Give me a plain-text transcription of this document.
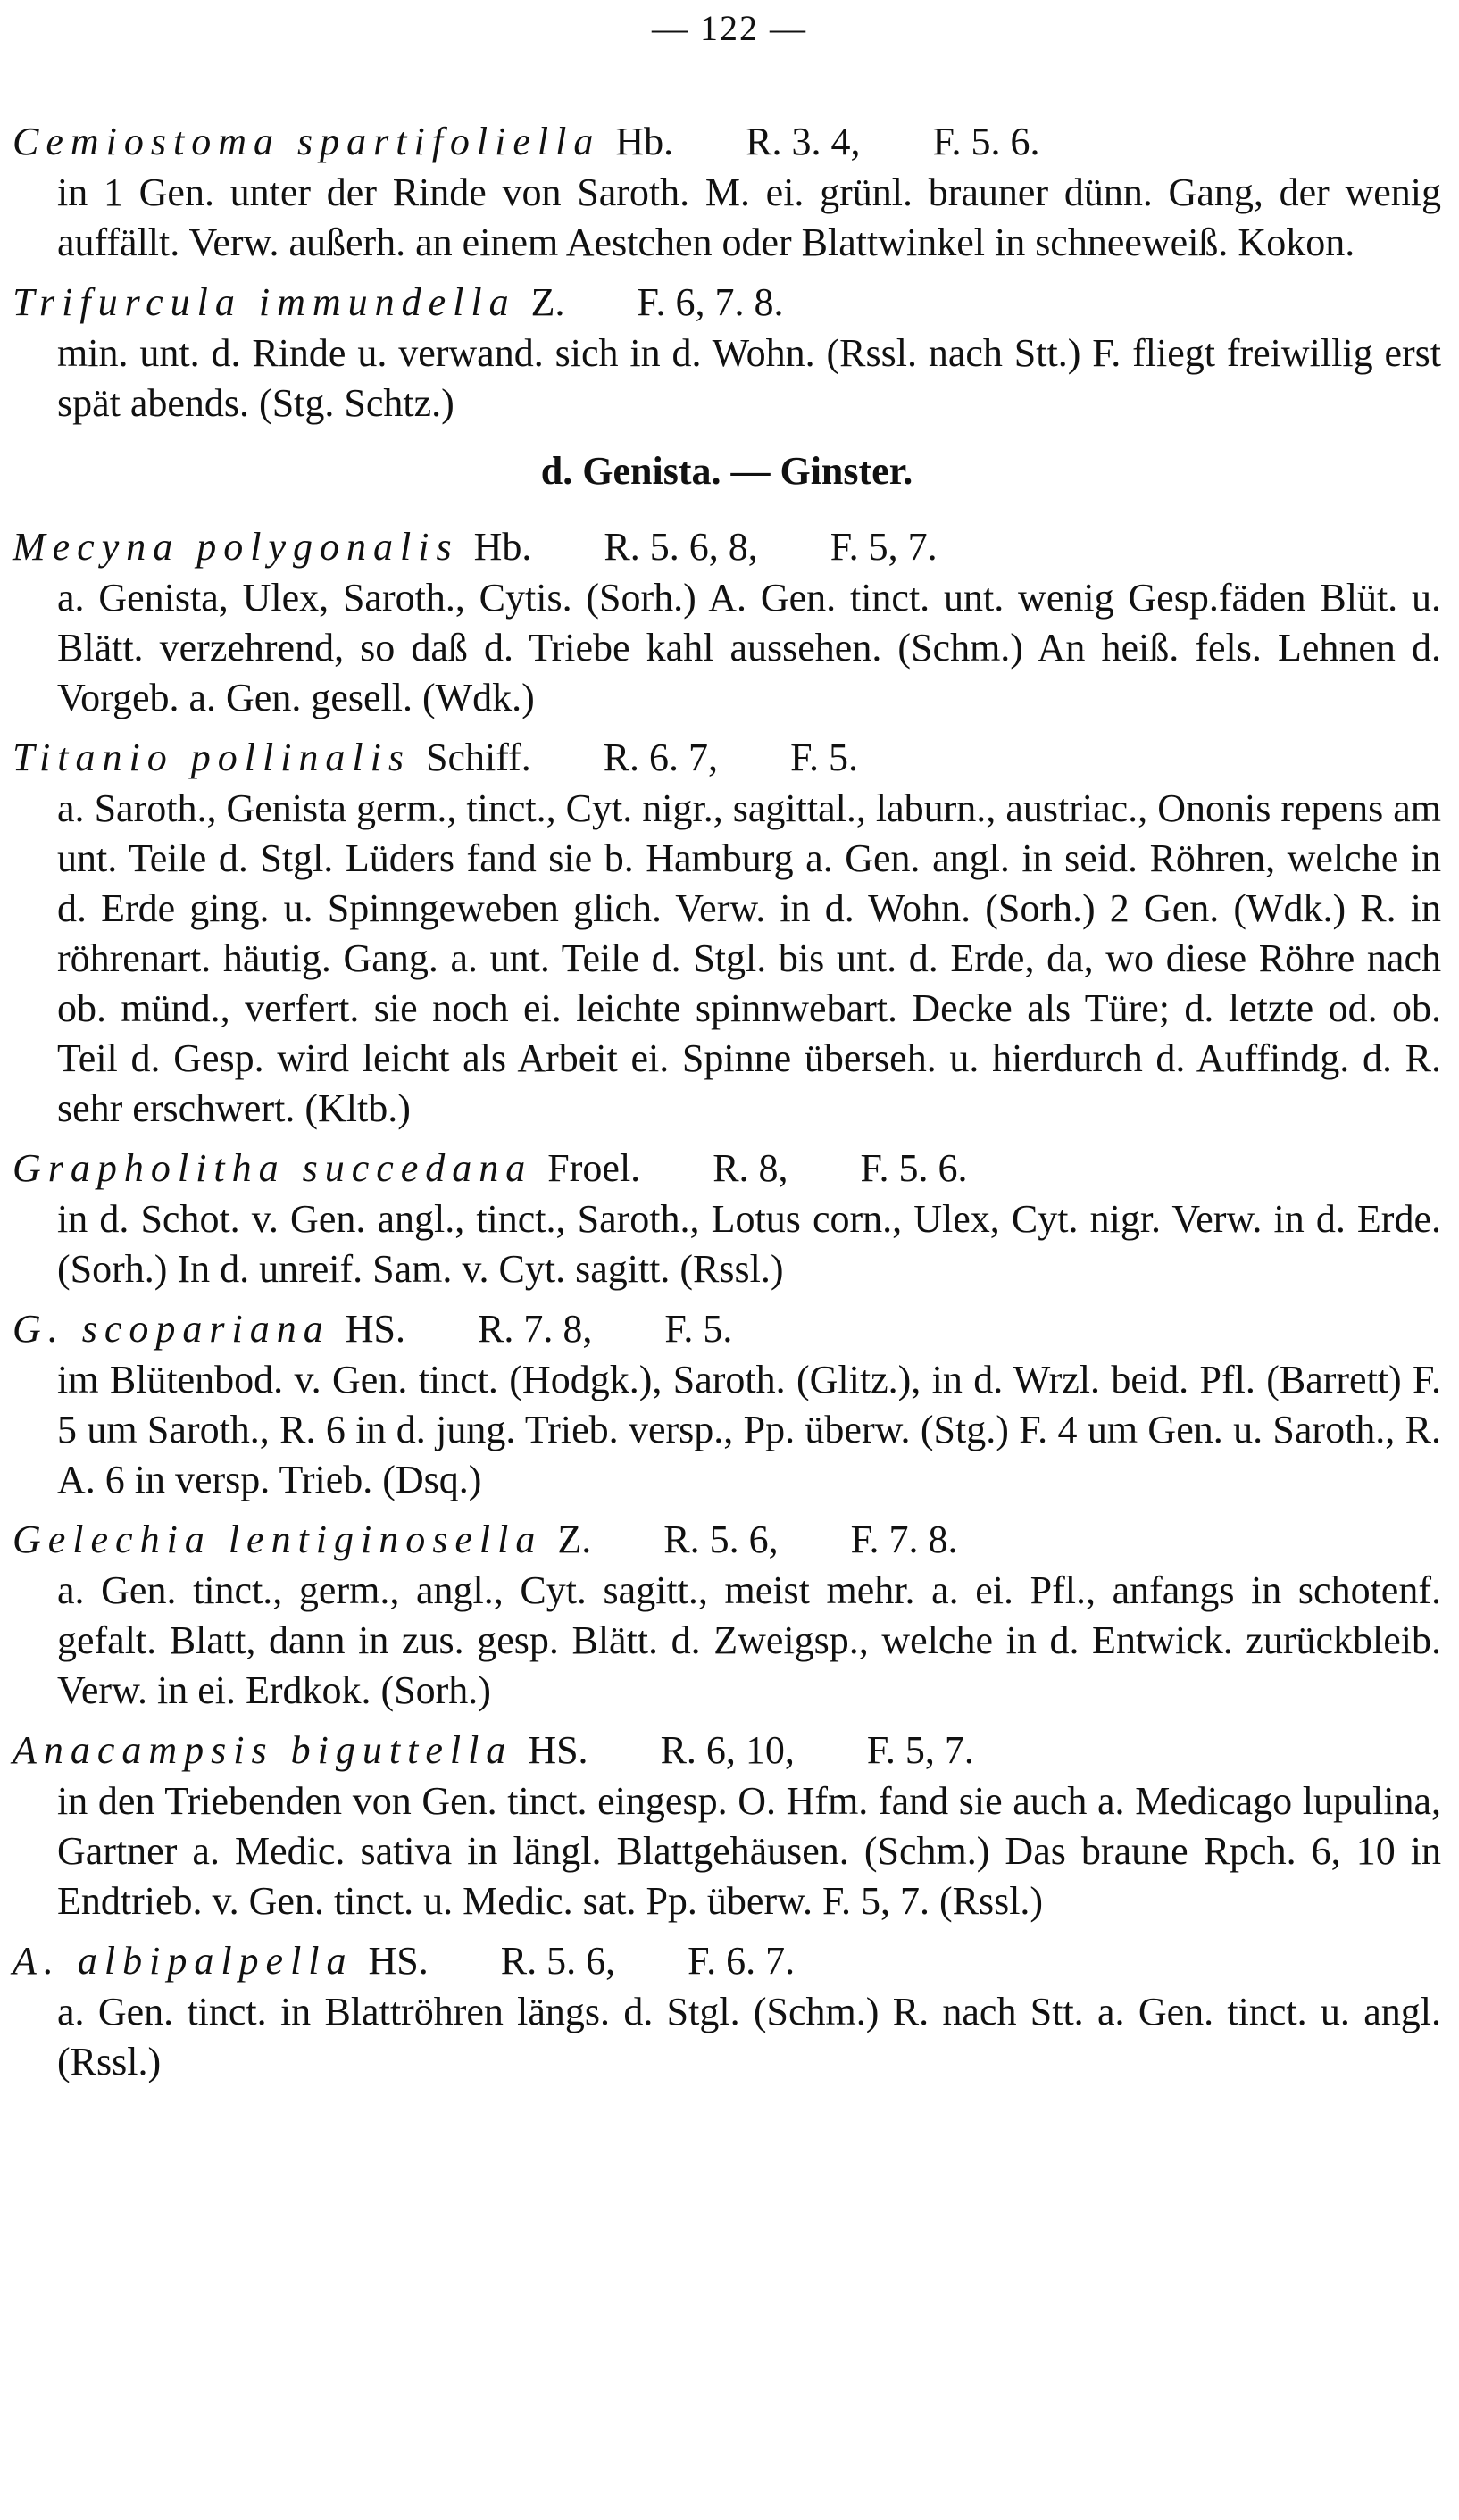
— 122 —
Cemiostoma spartifoliella Hb. R. 3. 4, F. 5. 6.
in 1 Gen. unter der Rinde von Saroth. M. ei. grünl. brauner dünn. Gang, der wenig auffällt. Verw. außerh. an einem Aestchen oder Blattwinkel in schneeweiß. Kokon.
Trifurcula immundella Z. F. 6, 7. 8.
min. unt. d. Rinde u. verwand. sich in d. Wohn. (Rssl. nach Stt.) F. fliegt freiwillig erst spät abends. (Stg. Schtz.)
d. Genista. — Ginster.
Mecyna polygonalis Hb. R. 5. 6, 8, F. 5, 7.
a. Genista, Ulex, Saroth., Cytis. (Sorh.) A. Gen. tinct. unt. wenig Gesp.fäden Blüt. u. Blätt. verzehrend, so daß d. Triebe kahl aussehen. (Schm.) An heiß. fels. Lehnen d. Vorgeb. a. Gen. gesell. (Wdk.)
Titanio pollinalis Schiff. R. 6. 7, F. 5.
a. Saroth., Genista germ., tinct., Cyt. nigr., sagittal., laburn., austriac., Ononis repens am unt. Teile d. Stgl. Lüders fand sie b. Hamburg a. Gen. angl. in seid. Röhren, welche in d. Erde ging. u. Spinngeweben glich. Verw. in d. Wohn. (Sorh.) 2 Gen. (Wdk.) R. in röhrenart. häutig. Gang. a. unt. Teile d. Stgl. bis unt. d. Erde, da, wo diese Röhre nach ob. münd., verfert. sie noch ei. leichte spinnwebart. Decke als Türe; d. letzte od. ob. Teil d. Gesp. wird leicht als Arbeit ei. Spinne überseh. u. hierdurch d. Auffindg. d. R. sehr erschwert. (Kltb.)
Grapholitha succedana Froel. R. 8, F. 5. 6.
in d. Schot. v. Gen. angl., tinct., Saroth., Lotus corn., Ulex, Cyt. nigr. Verw. in d. Erde. (Sorh.) In d. unreif. Sam. v. Cyt. sagitt. (Rssl.)
G. scopariana HS. R. 7. 8, F. 5.
im Blütenbod. v. Gen. tinct. (Hodgk.), Saroth. (Glitz.), in d. Wrzl. beid. Pfl. (Barrett) F. 5 um Saroth., R. 6 in d. jung. Trieb. versp., Pp. überw. (Stg.) F. 4 um Gen. u. Saroth., R. A. 6 in versp. Trieb. (Dsq.)
Gelechia lentiginosella Z. R. 5. 6, F. 7. 8.
a. Gen. tinct., germ., angl., Cyt. sagitt., meist mehr. a. ei. Pfl., anfangs in schotenf. gefalt. Blatt, dann in zus. gesp. Blätt. d. Zweigsp., welche in d. Entwick. zurückbleib. Verw. in ei. Erdkok. (Sorh.)
Anacampsis biguttella HS. R. 6, 10, F. 5, 7.
in den Triebenden von Gen. tinct. eingesp. O. Hfm. fand sie auch a. Medicago lupulina, Gartner a. Medic. sativa in längl. Blattgehäusen. (Schm.) Das braune Rpch. 6, 10 in Endtrieb. v. Gen. tinct. u. Medic. sat. Pp. überw. F. 5, 7. (Rssl.)
A. albipalpella HS. R. 5. 6, F. 6. 7.
a. Gen. tinct. in Blattröhren längs. d. Stgl. (Schm.) R. nach Stt. a. Gen. tinct. u. angl. (Rssl.)
